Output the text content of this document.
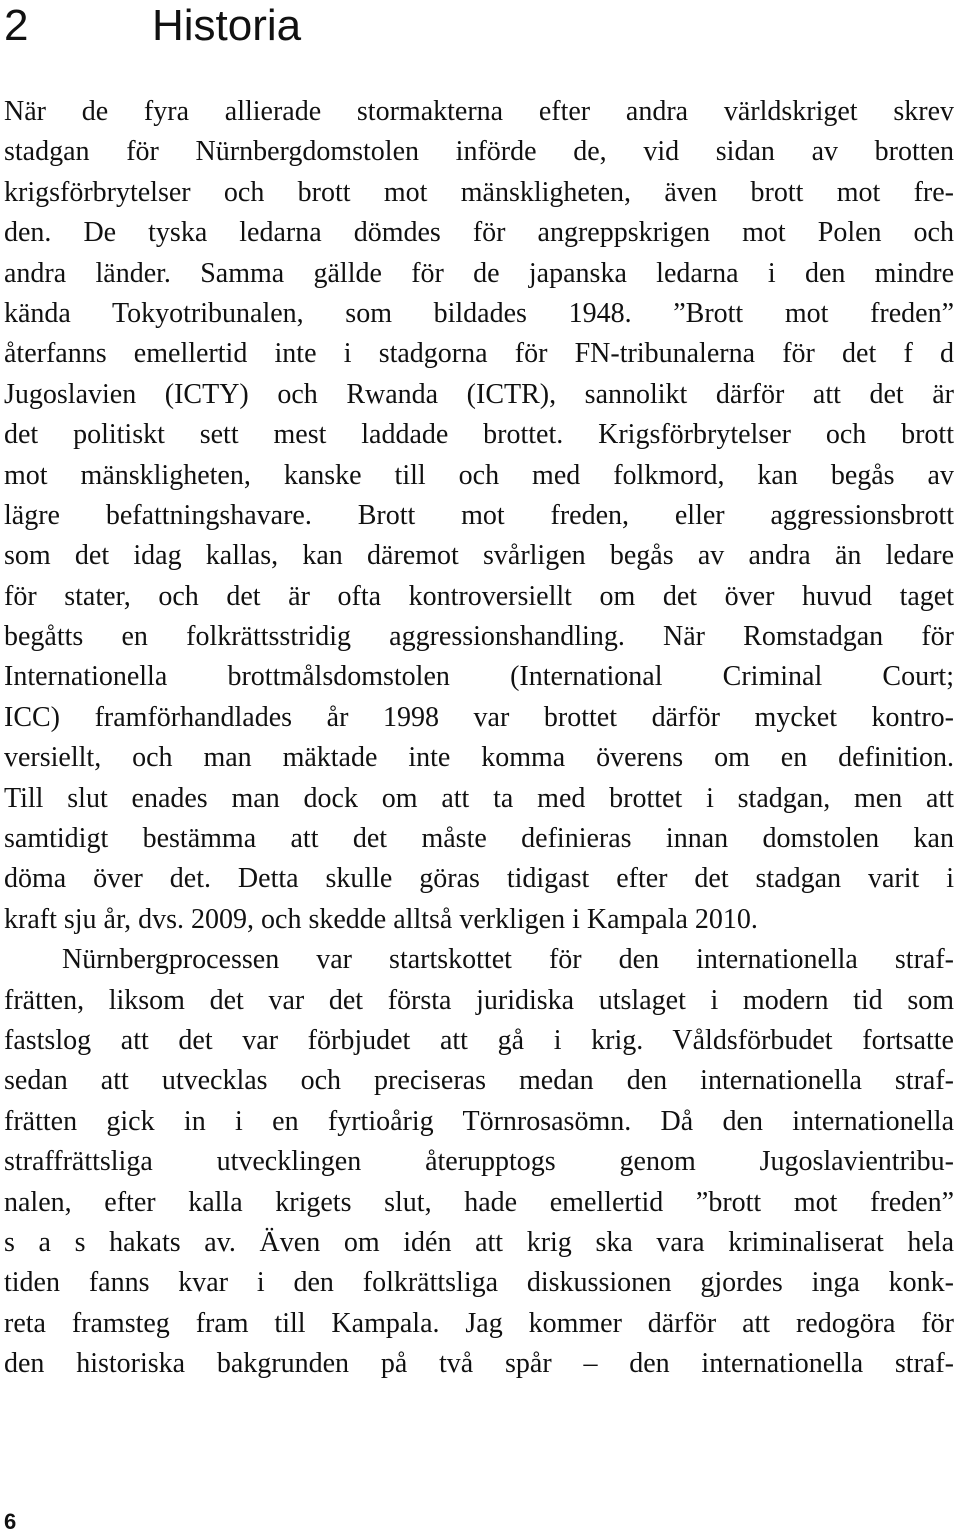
2	Historia
När de fyra allierade stormakterna efter andra världskriget skrev
stadgan för Nürnbergdomstolen införde de, vid sidan av brotten
krigsförbrytelser och brott mot mänskligheten, även brott mot fre-
den. De tyska ledarna dömdes för angreppskrigen mot Polen och
andra länder. Samma gällde för de japanska ledarna i den mindre
kända Tokyotribunalen, som bildades 1948. ”Brott mot freden”
återfanns emellertid inte i stadgorna för FN-tribunalerna för det f d
Jugoslavien (ICTY) och Rwanda (ICTR), sannolikt därför att det är
det politiskt sett mest laddade brottet. Krigsförbrytelser och brott
mot mänskligheten, kanske till och med folkmord, kan begås av
lägre befattningshavare. Brott mot freden, eller aggressionsbrott
som det idag kallas, kan däremot svårligen begås av andra än ledare
för stater, och det är ofta kontroversiellt om det över huvud taget
begåtts en folkrättsstridig aggressionshandling. När Romstadgan för
Internationella brottmålsdomstolen (International Criminal Court;
ICC) framförhandlades år 1998 var brottet därför mycket kontro-
versiellt, och man mäktade inte komma överens om en definition.
Till slut enades man dock om att ta med brottet i stadgan, men att
samtidigt bestämma att det måste definieras innan domstolen kan
döma över det. Detta skulle göras tidigast efter det stadgan varit i
kraft sju år, dvs. 2009, och skedde alltså verkligen i Kampala 2010.
Nürnbergprocessen var startskottet för den internationella straf-
frätten, liksom det var det första juridiska utslaget i modern tid som
fastslog att det var förbjudet att gå i krig. Våldsförbudet fortsatte
sedan att utvecklas och preciseras medan den internationella straf-
frätten gick in i en fyrtioårig Törnrosasömn. Då den internationella
straffrättsliga utvecklingen återupptogs genom Jugoslavientribu-
nalen, efter kalla krigets slut, hade emellertid ”brott mot freden”
s a s hakats av. Även om idén att krig ska vara kriminaliserat hela
tiden fanns kvar i den folkrättsliga diskussionen gjordes inga konk-
reta framsteg fram till Kampala. Jag kommer därför att redogöra för
den historiska bakgrunden på två spår – den internationella straf-
6
